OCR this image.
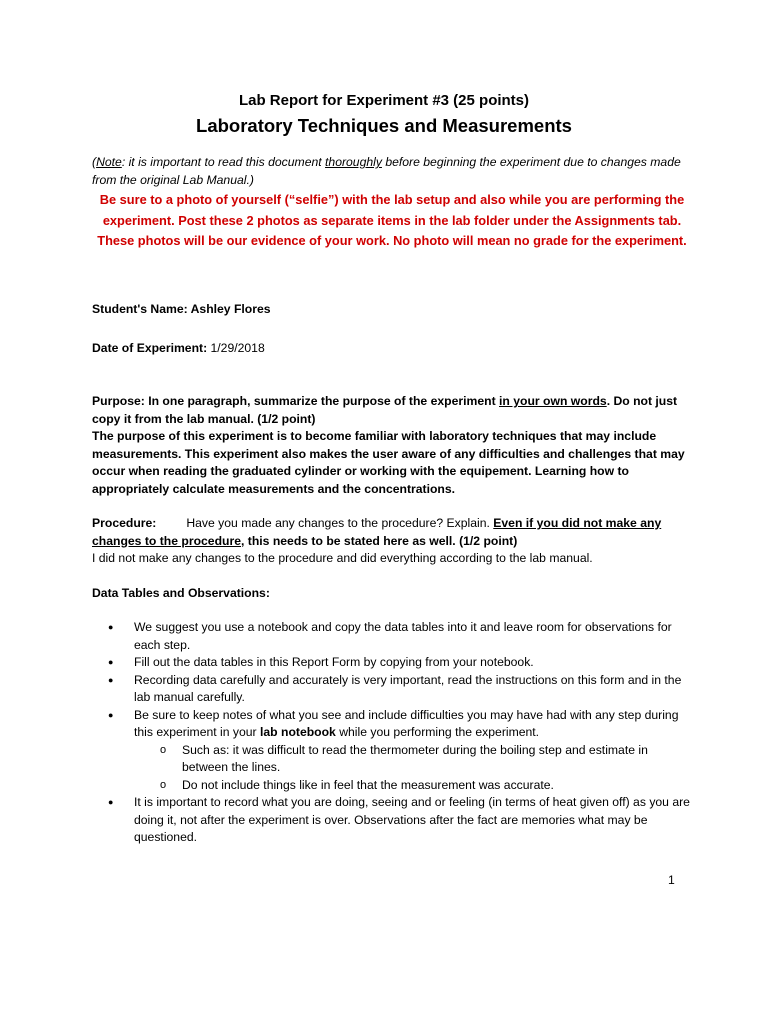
Lab Report for Experiment #3 (25 points)
Laboratory Techniques and Measurements
(Note: it is important to read this document thoroughly before beginning the experiment due to changes made from the original Lab Manual.)
Be sure to a photo of yourself (“selfie”) with the lab setup and also while you are performing the experiment. Post these 2 photos as separate items in the lab folder under the Assignments tab. These photos will be our evidence of your work. No photo will mean no grade for the experiment.
Student's Name: Ashley Flores
Date of Experiment: 1/29/2018
Purpose: In one paragraph, summarize the purpose of the experiment in your own words. Do not just copy it from the lab manual. (1/2 point)
The purpose of this experiment is to become familiar with laboratory techniques that may include measurements. This experiment also makes the user aware of any difficulties and challenges that may occur when reading the graduated cylinder or working with the equipement. Learning how to appropriately calculate measurements and the concentrations.
Procedure: Have you made any changes to the procedure? Explain. Even if you did not make any changes to the procedure, this needs to be stated here as well. (1/2 point)
I did not make any changes to the procedure and did everything according to the lab manual.
Data Tables and Observations:
● We suggest you use a notebook and copy the data tables into it and leave room for observations for each step.
● Fill out the data tables in this Report Form by copying from your notebook.
● Recording data carefully and accurately is very important, read the instructions on this form and in the lab manual carefully.
● Be sure to keep notes of what you see and include difficulties you may have had with any step during this experiment in your lab notebook while you performing the experiment.
o Such as: it was difficult to read the thermometer during the boiling step and estimate in between the lines.
o Do not include things like in feel that the measurement was accurate.
● It is important to record what you are doing, seeing and or feeling (in terms of heat given off) as you are doing it, not after the experiment is over. Observations after the fact are memories what may be questioned.
1
